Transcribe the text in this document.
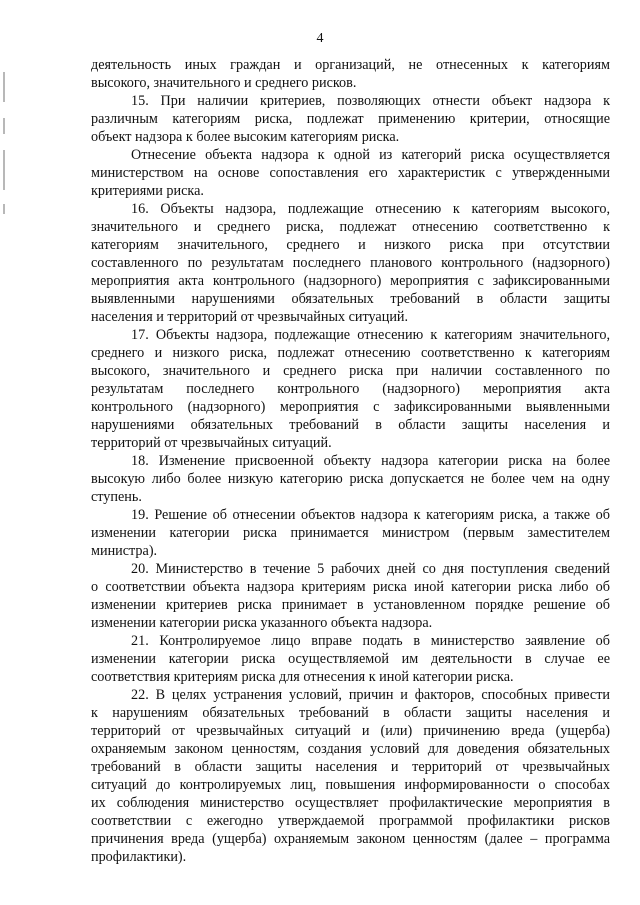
4
деятельность иных граждан и организаций, не отнесенных к категориям
высокого, значительного и среднего рисков.
15. При наличии критериев, позволяющих отнести объект надзора к
различным категориям риска, подлежат применению критерии, относящие
объект надзора к более высоким категориям риска.
Отнесение объекта надзора к одной из категорий риска осуществляется
министерством на основе сопоставления его характеристик с утвержденными
критериями риска.
16. Объекты надзора, подлежащие отнесению к категориям высокого,
значительного и среднего риска, подлежат отнесению соответственно к
категориям значительного, среднего и низкого риска при отсутствии
составленного по результатам последнего планового контрольного (надзорного)
мероприятия акта контрольного (надзорного) мероприятия с зафиксированными
выявленными нарушениями обязательных требований в области защиты
населения и территорий от чрезвычайных ситуаций.
17. Объекты надзора, подлежащие отнесению к категориям значительного,
среднего и низкого риска, подлежат отнесению соответственно к категориям
высокого, значительного и среднего риска при наличии составленного по
результатам последнего контрольного (надзорного) мероприятия акта
контрольного (надзорного) мероприятия с зафиксированными выявленными
нарушениями обязательных требований в области защиты населения и
территорий от чрезвычайных ситуаций.
18. Изменение присвоенной объекту надзора категории риска на более
высокую либо более низкую категорию риска допускается не более чем на одну
ступень.
19. Решение об отнесении объектов надзора к категориям риска, а также об
изменении категории риска принимается министром (первым заместителем
министра).
20. Министерство в течение 5 рабочих дней со дня поступления сведений
о соответствии объекта надзора критериям риска иной категории риска либо об
изменении критериев риска принимает в установленном порядке решение об
изменении категории риска указанного объекта надзора.
21. Контролируемое лицо вправе подать в министерство заявление об
изменении категории риска осуществляемой им деятельности в случае ее
соответствия критериям риска для отнесения к иной категории риска.
22. В целях устранения условий, причин и факторов, способных привести
к нарушениям обязательных требований в области защиты населения и
территорий от чрезвычайных ситуаций и (или) причинению вреда (ущерба)
охраняемым законом ценностям, создания условий для доведения обязательных
требований в области защиты населения и территорий от чрезвычайных
ситуаций до контролируемых лиц, повышения информированности о способах
их соблюдения министерство осуществляет профилактические мероприятия в
соответствии с ежегодно утверждаемой программой профилактики рисков
причинения вреда (ущерба) охраняемым законом ценностям (далее – программа
профилактики).
